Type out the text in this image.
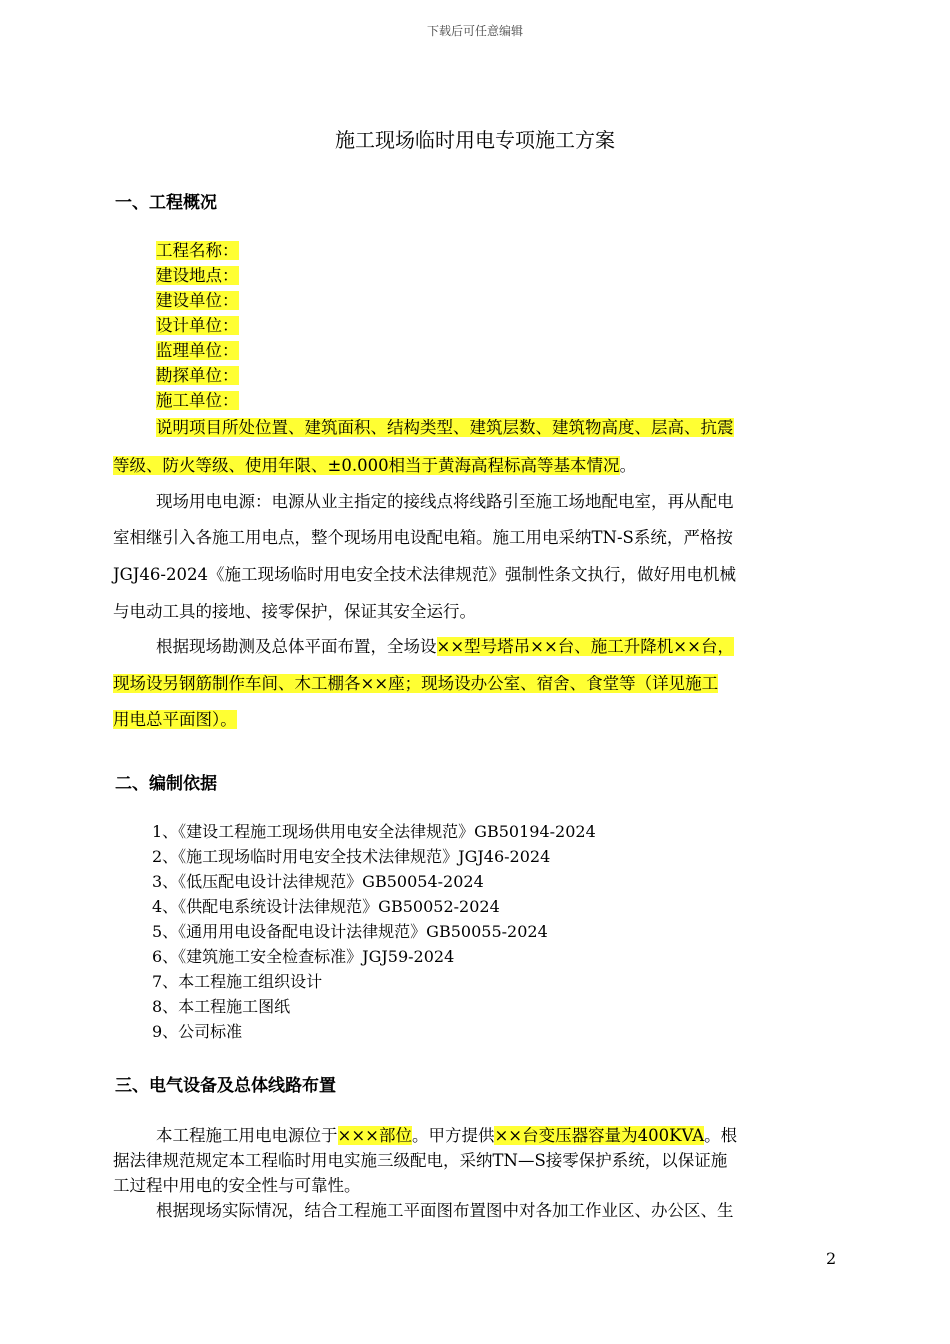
下载后可任意编辑
施工现场临时用电专项施工方案
一、工程概况
工程名称：
建设地点：
建设单位：
设计单位：
监理单位：
勘探单位：
施工单位：
说明项目所处位置、建筑面积、结构类型、建筑层数、建筑物高度、层高、抗震
等级、防火等级、使用年限、±0.000相当于黄海高程标高等基本情况。
现场用电电源：电源从业主指定的接线点将线路引至施工场地配电室，再从配电
室相继引入各施工用电点，整个现场用电设配电箱。施工用电采纳TN-S系统，严格按
JGJ46-2024《施工现场临时用电安全技术法律规范》强制性条文执行，做好用电机械
与电动工具的接地、接零保护，保证其安全运行。
根据现场勘测及总体平面布置，全场设××型号塔吊××台、施工升降机××台，
现场设另钢筋制作车间、木工棚各××座；现场设办公室、宿舍、食堂等（详见施工
用电总平面图）。
二、编制依据
1、《建设工程施工现场供用电安全法律规范》GB50194-2024
2、《施工现场临时用电安全技术法律规范》JGJ46-2024
3、《低压配电设计法律规范》GB50054-2024
4、《供配电系统设计法律规范》GB50052-2024
5、《通用用电设备配电设计法律规范》GB50055-2024
6、《建筑施工安全检查标准》JGJ59-2024
7、本工程施工组织设计
8、本工程施工图纸
9、公司标准
三、电气设备及总体线路布置
本工程施工用电电源位于×××部位。甲方提供××台变压器容量为400KVA。根
据法律规范规定本工程临时用电实施三级配电，采纳TN—S接零保护系统，以保证施
工过程中用电的安全性与可靠性。
根据现场实际情况，结合工程施工平面图布置图中对各加工作业区、办公区、生
2
